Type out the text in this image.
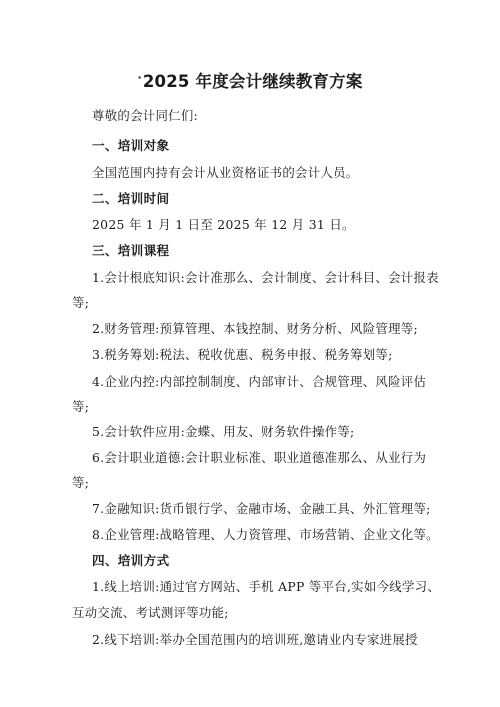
·2025 年度会计继续教育方案
尊敬的会计同仁们:
一、培训对象
全国范围内持有会计从业资格证书的会计人员。
二、培训时间
2025 年 1 月 1 日至 2025 年 12 月 31 日。
三、培训课程
1.会计根底知识:会计准那么、会计制度、会计科目、会计报表
等;
2.财务管理:预算管理、本钱控制、财务分析、风险管理等;
3.税务筹划:税法、税收优惠、税务申报、税务筹划等;
4.企业内控:内部控制制度、内部审计、合规管理、风险评估
等;
5.会计软件应用:金蝶、用友、财务软件操作等;
6.会计职业道德:会计职业标准、职业道德准那么、从业行为
等;
7.金融知识:货币银行学、金融市场、金融工具、外汇管理等;
8.企业管理:战略管理、人力资管理、市场营销、企业文化等。
四、培训方式
1.线上培训:通过官方网站、手机 APP 等平台,实如今线学习、
互动交流、考试测评等功能;
2.线下培训:举办全国范围内的培训班,邀请业内专家进展授
